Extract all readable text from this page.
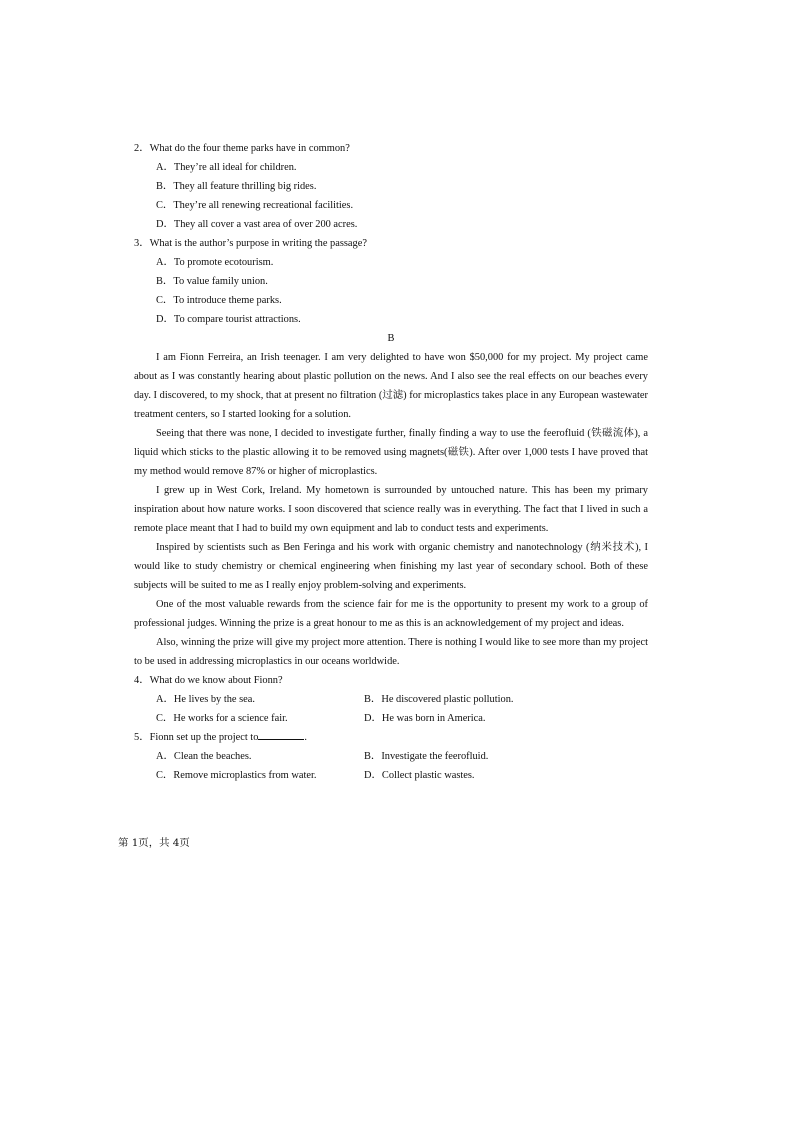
2．What do the four theme parks have in common?

A．They’re all ideal for children.

B．They all feature thrilling big rides.

C．They’re all renewing recreational facilities.

D．They all cover a vast area of over 200 acres.

3．What is the author’s purpose in writing the passage?

A．To promote ecotourism.

B．To value family union.

C．To introduce theme parks.

D．To compare tourist attractions.

B

I am Fionn Ferreira, an Irish teenager. I am very delighted to have won $50,000 for my project. My project came about as I was constantly hearing about plastic pollution on the news. And I also see the real effects on our beaches every day. I discovered, to my shock, that at present no filtration (过滤) for microplastics takes place in any European wastewater treatment centers, so I started looking for a solution.

Seeing that there was none, I decided to investigate further, finally finding a way to use the feerofluid (铁磁流体), a liquid which sticks to the plastic allowing it to be removed using magnets(磁铁). After over 1,000 tests I have proved that my method would remove 87% or higher of microplastics.

I grew up in West Cork, Ireland. My hometown is surrounded by untouched nature. This has been my primary inspiration about how nature works. I soon discovered that science really was in everything. The fact that I lived in such a remote place meant that I had to build my own equipment and lab to conduct tests and experiments.

Inspired by scientists such as Ben Feringa and his work with organic chemistry and nanotechnology (纳米技术), I would like to study chemistry or chemical engineering when finishing my last year of secondary school. Both of these subjects will be suited to me as I really enjoy problem-solving and experiments.

One of the most valuable rewards from the science fair for me is the opportunity to present my work to a group of professional judges. Winning the prize is a great honour to me as this is an acknowledgement of my project and ideas.

Also, winning the prize will give my project more attention. There is nothing I would like to see more than my project to be used in addressing microplastics in our oceans worldwide.

4．What do we know about Fionn?

A．He lives by the sea.	B．He discovered plastic pollution.
C．He works for a science fair.	D．He was born in America.

5．Fionn set up the project to	.

A．Clean the beaches.	B．Investigate the feerofluid.
C．Remove microplastics from water.	D．Collect plastic wastes.
第 1页，共 4页
